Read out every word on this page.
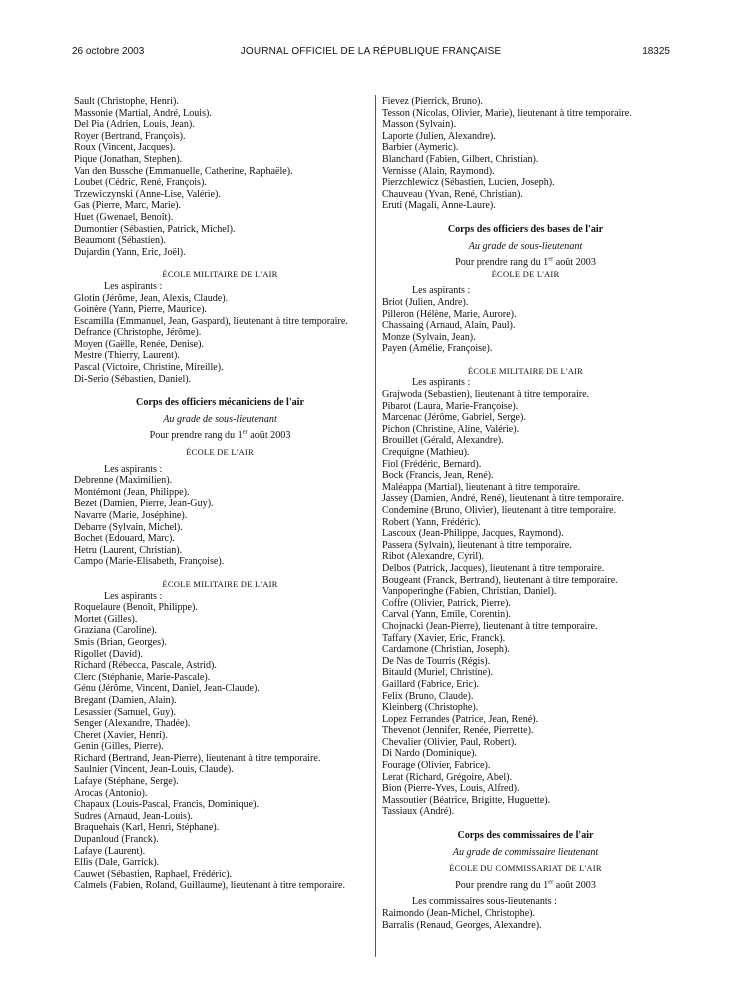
26 octobre 2003	JOURNAL OFFICIEL DE LA RÉPUBLIQUE FRANÇAISE	18325
Sault (Christophe, Henri).
Massonie (Martial, André, Louis).
Del Pia (Adrien, Louis, Jean).
Royer (Bertrand, François).
Roux (Vincent, Jacques).
Pique (Jonathan, Stephen).
Van den Bussche (Emmanuelle, Catherine, Raphaële).
Loubet (Cédric, René, François).
Trzewiczynski (Anne-Lise, Valérie).
Gas (Pierre, Marc, Marie).
Huet (Gwenael, Benoît).
Dumontier (Sébastien, Patrick, Michel).
Beaumont (Sébastien).
Dujardin (Yann, Eric, Joël).
ÉCOLE MILITAIRE DE L'AIR
Les aspirants :
Glotin (Jérôme, Jean, Alexis, Claude).
Goinère (Yann, Pierre, Maurice).
Escamilla (Emmanuel, Jean, Gaspard), lieutenant à titre temporaire.
Defrance (Christophe, Jérôme).
Moyen (Gaëlle, Renée, Denise).
Mestre (Thierry, Laurent).
Pascal (Victoire, Christine, Mireille).
Di-Serio (Sébastien, Daniel).
Corps des officiers mécaniciens de l'air
Au grade de sous-lieutenant
Pour prendre rang du 1er août 2003
ÉCOLE DE L'AIR
Les aspirants :
Debrenne (Maximilien).
Montémont (Jean, Philippe).
Bezet (Damien, Pierre, Jean-Guy).
Navarre (Marie, Joséphine).
Debarre (Sylvain, Michel).
Bochet (Edouard, Marc).
Hetru (Laurent, Christian).
Campo (Marie-Elisabeth, Françoise).
ÉCOLE MILITAIRE DE L'AIR
Les aspirants :
Roquelaure (Benoît, Philippe).
Mortet (Gilles).
Graziana (Caroline).
Smis (Brian, Georges).
Rigollet (David).
Richard (Rébecca, Pascale, Astrid).
Clerc (Stéphanie, Marie-Pascale).
Génu (Jérôme, Vincent, Daniel, Jean-Claude).
Bregant (Damien, Alain).
Lesassier (Samuel, Guy).
Senger (Alexandre, Thadée).
Cheret (Xavier, Henri).
Genin (Gilles, Pierre).
Richard (Bertrand, Jean-Pierre), lieutenant à titre temporaire.
Saulnier (Vincent, Jean-Louis, Claude).
Lafaye (Stéphane, Serge).
Arocas (Antonio).
Chapaux (Louis-Pascal, Francis, Dominique).
Sudres (Arnaud, Jean-Louis).
Braquehais (Karl, Henri, Stéphane).
Dupanloud (Franck).
Lafaye (Laurent).
Ellis (Dale, Garrick).
Cauwet (Sébastien, Raphael, Frédéric).
Calmels (Fabien, Roland, Guillaume), lieutenant à titre temporaire.
Fievez (Pierrick, Bruno).
Tesson (Nicolas, Olivier, Marie), lieutenant à titre temporaire.
Masson (Sylvain).
Laporte (Julien, Alexandre).
Barbier (Aymeric).
Blanchard (Fabien, Gilbert, Christian).
Vernisse (Alain, Raymond).
Pierzchlewicz (Sébastien, Lucien, Joseph).
Chauveau (Yvan, René, Christian).
Eruti (Magali, Anne-Laure).
Corps des officiers des bases de l'air
Au grade de sous-lieutenant
Pour prendre rang du 1er août 2003
ÉCOLE DE L'AIR
Les aspirants :
Briot (Julien, Andre).
Pilleron (Hélène, Marie, Aurore).
Chassaing (Arnaud, Alain, Paul).
Monze (Sylvain, Jean).
Payen (Amélie, Françoise).
ÉCOLE MILITAIRE DE L'AIR
Les aspirants :
Grajwoda (Sebastien), lieutenant à titre temporaire.
Pibarot (Laura, Marie-Françoise).
Marcenac (Jérôme, Gabriel, Serge).
Pichon (Christine, Aline, Valérie).
Brouillet (Gérald, Alexandre).
Crequigne (Mathieu).
Fiol (Frédéric, Bernard).
Bock (Francis, Jean, René).
Maléappa (Martial), lieutenant à titre temporaire.
Jassey (Damien, André, René), lieutenant à titre temporaire.
Condemine (Bruno, Olivier), lieutenant à titre temporaire.
Robert (Yann, Frédéric).
Lascoux (Jean-Philippe, Jacques, Raymond).
Passera (Sylvain), lieutenant à titre temporaire.
Ribot (Alexandre, Cyril).
Delbos (Patrick, Jacques), lieutenant à titre temporaire.
Bougeant (Franck, Bertrand), lieutenant à titre temporaire.
Vanpoperinghe (Fabien, Christian, Daniel).
Coffre (Olivier, Patrick, Pierre).
Carval (Yann, Emile, Corentin).
Chojnacki (Jean-Pierre), lieutenant à titre temporaire.
Taffary (Xavier, Eric, Franck).
Cardamone (Christian, Joseph).
De Nas de Tourris (Régis).
Bitauld (Muriel, Christine).
Gaillard (Fabrice, Eric).
Felix (Bruno, Claude).
Kleinberg (Christophe).
Lopez Ferrandes (Patrice, Jean, René).
Thevenot (Jennifer, Renée, Pierrette).
Chevalier (Olivier, Paul, Robert).
Di Nardo (Dominique).
Fourage (Olivier, Fabrice).
Lerat (Richard, Grégoire, Abel).
Bion (Pierre-Yves, Louis, Alfred).
Massoutier (Béatrice, Brigitte, Huguette).
Tassiaux (André).
Corps des commissaires de l'air
Au grade de commissaire lieutenant
ÉCOLE DU COMMISSARIAT DE L'AIR
Pour prendre rang du 1er août 2003
Les commissaires sous-lieutenants :
Raimondo (Jean-Michel, Christophe).
Barralis (Renaud, Georges, Alexandre).
